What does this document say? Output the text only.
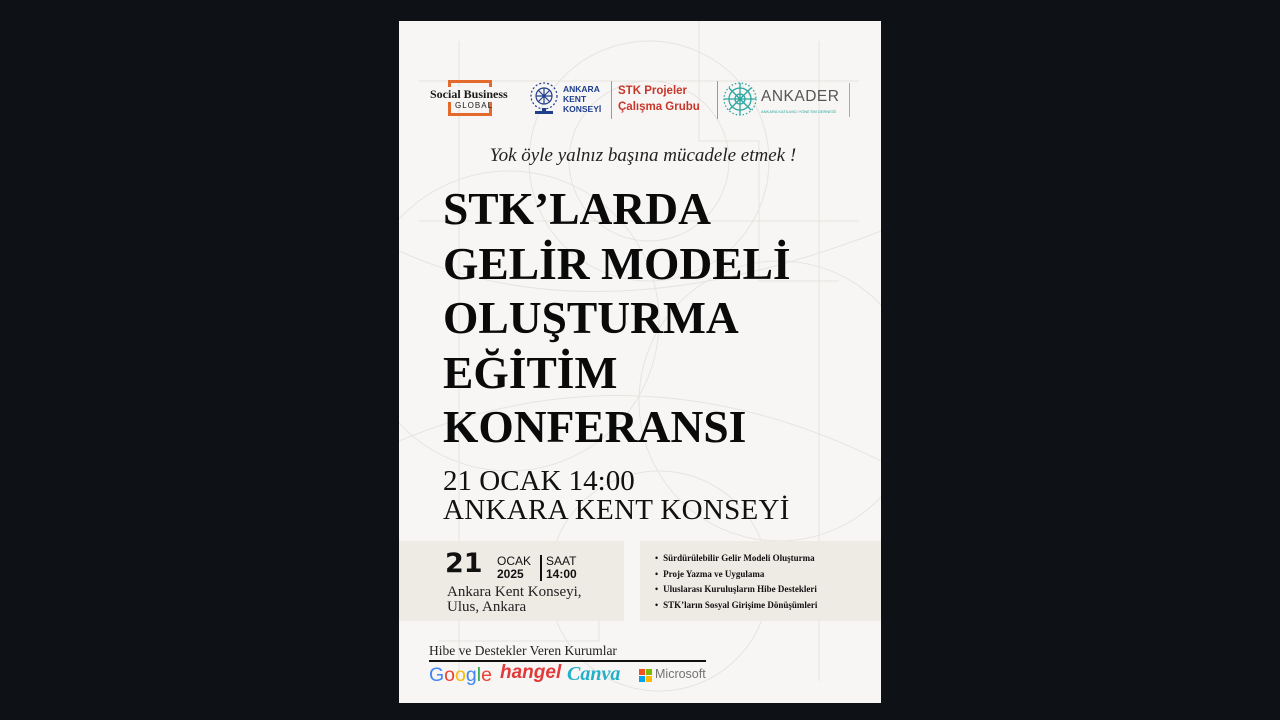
Social Business
GLOBAL
ANKARA
KENT
KONSEYİ
STK Projeler
Çalışma Grubu
ANKADER
ANKARA KATILIMCI YÖNETİM DERNEĞİ
Yok öyle yalnız başına mücadele etmek !
STK’LARDA
GELİR MODELİ
OLUŞTURMA
EĞİTİM
KONFERANSI
21 OCAK 14:00
ANKARA KENT KONSEYİ
21 OCAK
2025
SAAT
14:00
Ankara Kent Konseyi,
Ulus, Ankara
• Sürdürülebilir Gelir Modeli Oluşturma
• Proje Yazma ve Uygulama
• Uluslarası Kuruluşların Hibe Destekleri
• STK’ların Sosyal Girişime Dönüşümleri
Hibe ve Destekler Veren Kurumlar
Google hangel Canva	Microsoft
